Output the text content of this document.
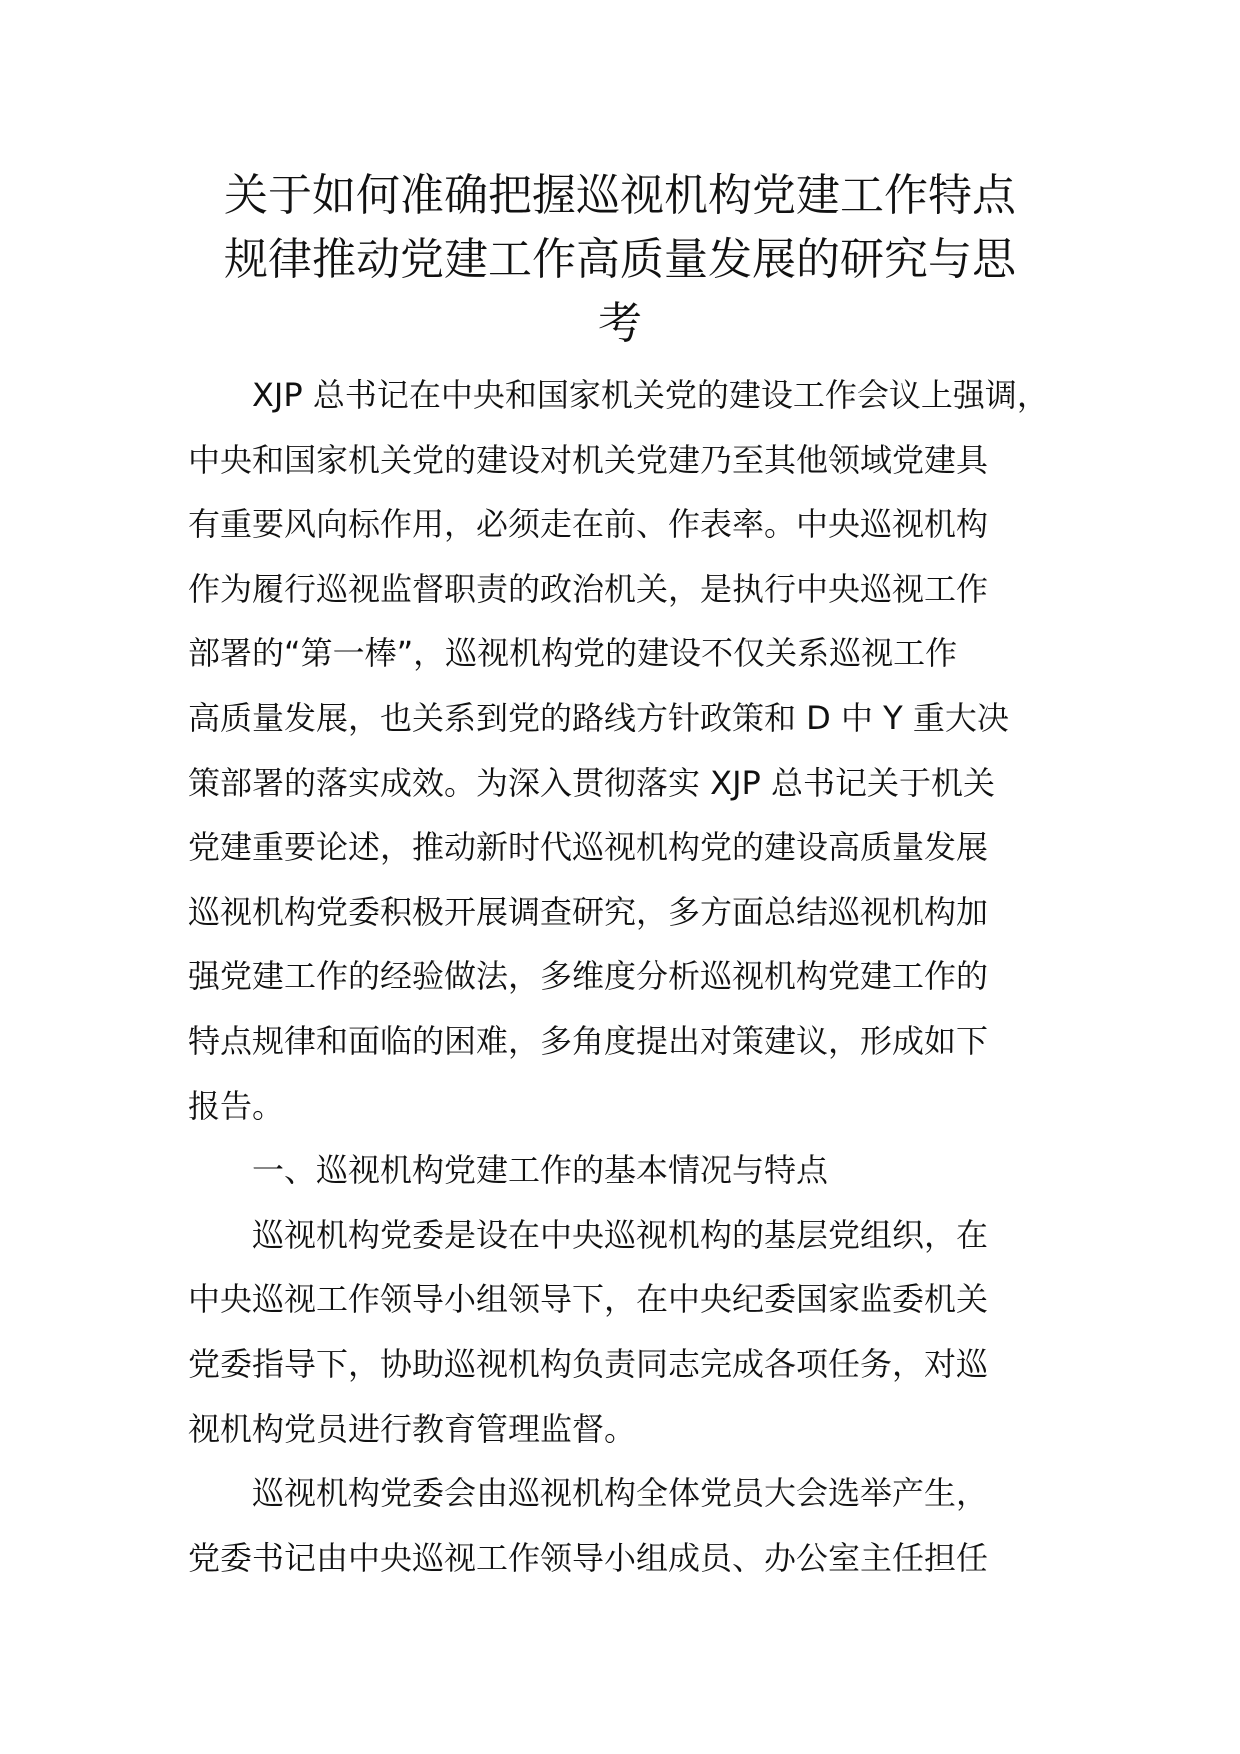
关于如何准确把握巡视机构党建工作特点
规律推动党建工作高质量发展的研究与思
考

XJP 总书记在中央和国家机关党的建设工作会议上强调，
中央和国家机关党的建设对机关党建乃至其他领域党建具
有重要风向标作用，必须走在前、作表率。中央巡视机构
作为履行巡视监督职责的政治机关，是执行中央巡视工作
部署的“第一棒”，巡视机构党的建设不仅关系巡视工作
高质量发展，也关系到党的路线方针政策和 D 中 Y 重大决
策部署的落实成效。为深入贯彻落实 XJP 总书记关于机关
党建重要论述，推动新时代巡视机构党的建设高质量发展
巡视机构党委积极开展调查研究，多方面总结巡视机构加
强党建工作的经验做法，多维度分析巡视机构党建工作的
特点规律和面临的困难，多角度提出对策建议，形成如下
报告。

一、巡视机构党建工作的基本情况与特点

巡视机构党委是设在中央巡视机构的基层党组织，在
中央巡视工作领导小组领导下，在中央纪委国家监委机关
党委指导下，协助巡视机构负责同志完成各项任务，对巡
视机构党员进行教育管理监督。

巡视机构党委会由巡视机构全体党员大会选举产生，
党委书记由中央巡视工作领导小组成员、办公室主任担任
